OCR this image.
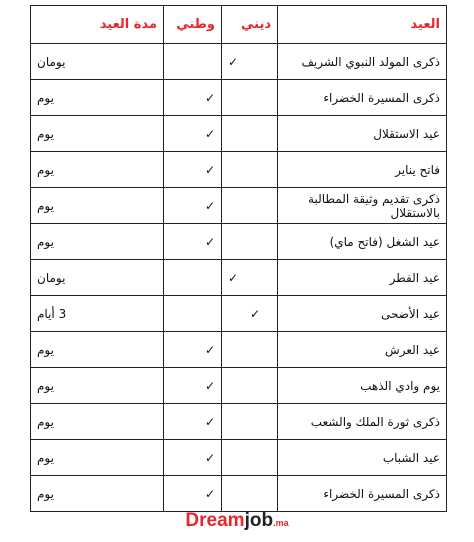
العيد	ديني	وطني	مدة العيد
ذكرى المولد النبوي الشريف	✓		يومان
ذكرى المسيرة الخضراء		✓	يوم
عيد الاستقلال		✓	يوم
فاتح يناير		✓	يوم
ذكرى تقديم وثيقة المطالبة بالاستقلال		✓	يوم
عيد الشغل (فاتح ماي)		✓	يوم
عيد الفطر	✓		يومان
عيد الأضحى	✓		3 أيام
عيد العرش		✓	يوم
يوم وادي الذهب		✓	يوم
ذكرى ثورة الملك والشعب		✓	يوم
عيد الشباب		✓	يوم
ذكرى المسيرة الخضراء		✓	يوم
Dreamjob.ma
